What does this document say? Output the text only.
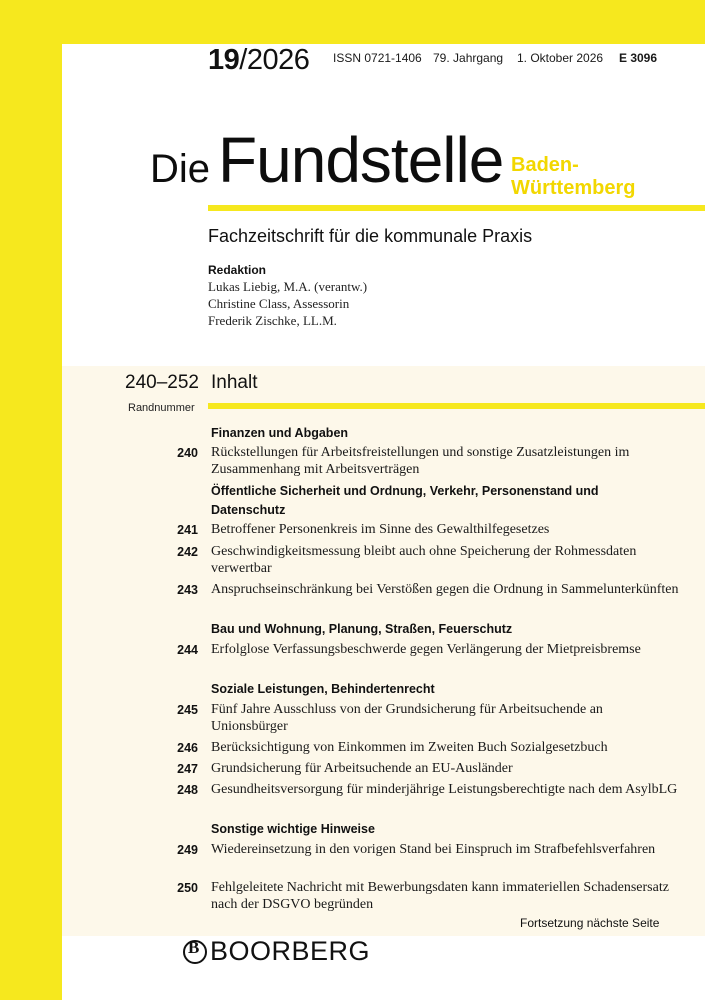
19/2026 ISSN 0721-1406 79. Jahrgang 1. Oktober 2026 E 3096
Die Fundstelle Baden-
Württemberg
Fachzeitschrift für die kommunale Praxis
Redaktion
Lukas Liebig, M.A. (verantw.)
Christine Class, Assessorin
Frederik Zischke, LL.M.
240–252 Inhalt
Randnummer
Finanzen und Abgaben
240 Rückstellungen für Arbeitsfreistellungen und sonstige Zusatzleistungen im Zusammenhang mit Arbeitsverträgen
Öffentliche Sicherheit und Ordnung, Verkehr, Personenstand und Datenschutz
241 Betroffener Personenkreis im Sinne des Gewalthilfegesetzes
242 Geschwindigkeitsmessung bleibt auch ohne Speicherung der Rohmessdaten verwertbar
243 Anspruchseinschränkung bei Verstößen gegen die Ordnung in Sammelunterkünften
Bau und Wohnung, Planung, Straßen, Feuerschutz
244 Erfolglose Verfassungsbeschwerde gegen Verlängerung der Mietpreisbremse
Soziale Leistungen, Behindertenrecht
245 Fünf Jahre Ausschluss von der Grundsicherung für Arbeitsuchende an Unionsbürger
246 Berücksichtigung von Einkommen im Zweiten Buch Sozialgesetzbuch
247 Grundsicherung für Arbeitsuchende an EU-Ausländer
248 Gesundheitsversorgung für minderjährige Leistungsberechtigte nach dem AsylbLG
Sonstige wichtige Hinweise
249 Wiedereinsetzung in den vorigen Stand bei Einspruch im Strafbefehlsverfahren
250 Fehlgeleitete Nachricht mit Bewerbungsdaten kann immateriellen Schadensersatz nach der DSGVO begründen
Fortsetzung nächste Seite
B BOORBERG
